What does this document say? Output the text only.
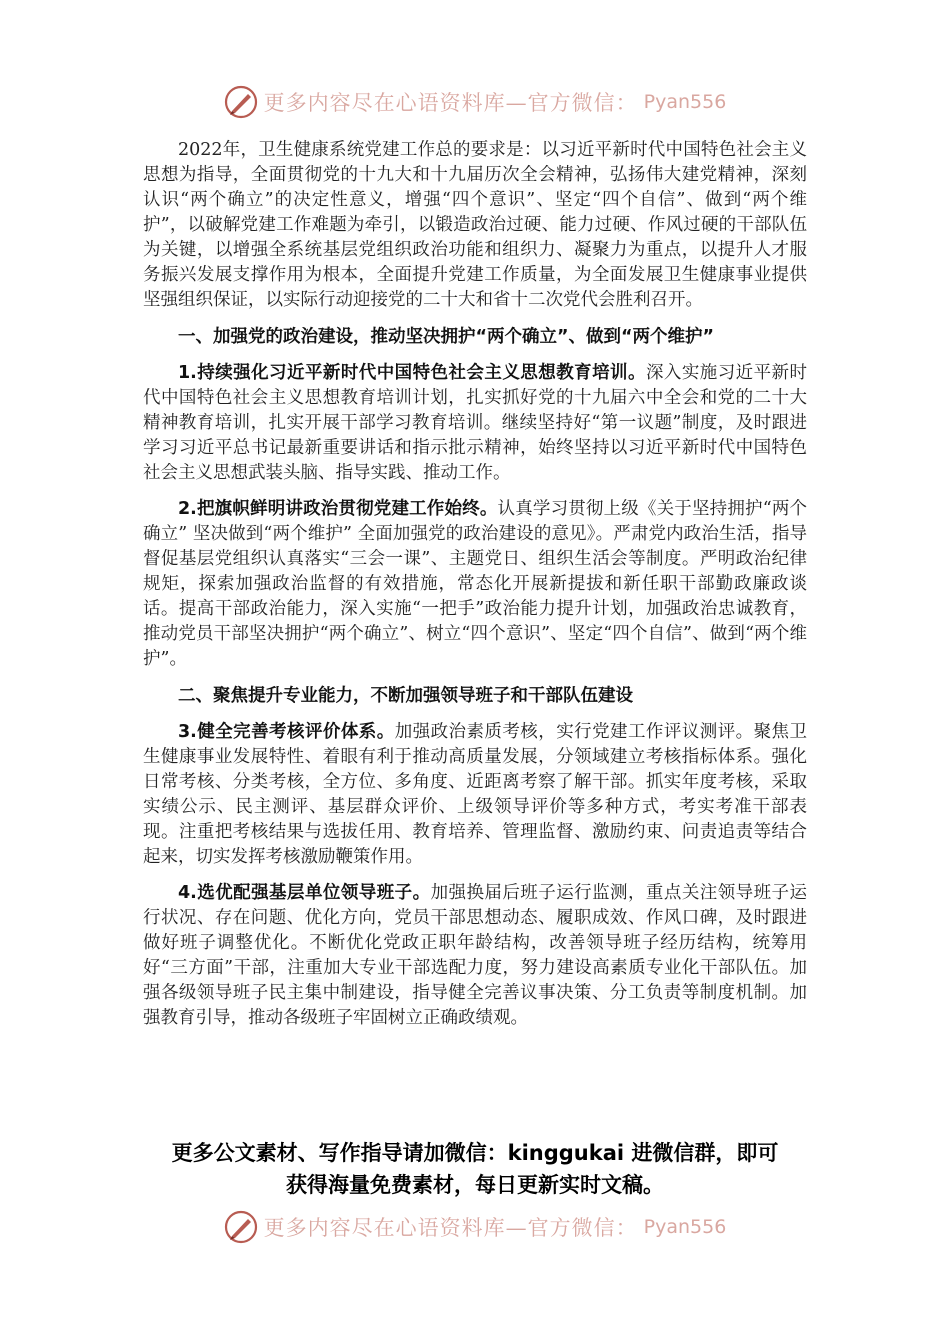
更多内容尽在心语资料库—官方微信： Pyan556

2022年，卫生健康系统党建工作总的要求是：以习近平新时代中国特色社会主义思想为指导，全面贯彻党的十九大和十九届历次全会精神，弘扬伟大建党精神，深刻认识“两个确立”的决定性意义，增强“四个意识”、坚定“四个自信”、做到“两个维护”，以破解党建工作难题为牵引，以锻造政治过硬、能力过硬、作风过硬的干部队伍为关键，以增强全系统基层党组织政治功能和组织力、凝聚力为重点，以提升人才服务振兴发展支撑作用为根本，全面提升党建工作质量，为全面发展卫生健康事业提供坚强组织保证，以实际行动迎接党的二十大和省十二次党代会胜利召开。

一、加强党的政治建设，推动坚决拥护“两个确立”、做到“两个维护”

1.持续强化习近平新时代中国特色社会主义思想教育培训。深入实施习近平新时代中国特色社会主义思想教育培训计划，扎实抓好党的十九届六中全会和党的二十大精神教育培训，扎实开展干部学习教育培训。继续坚持好“第一议题”制度，及时跟进学习习近平总书记最新重要讲话和指示批示精神，始终坚持以习近平新时代中国特色社会主义思想武装头脑、指导实践、推动工作。

2.把旗帜鲜明讲政治贯彻党建工作始终。认真学习贯彻上级《关于坚持拥护“两个确立” 坚决做到“两个维护” 全面加强党的政治建设的意见》。严肃党内政治生活，指导督促基层党组织认真落实“三会一课”、主题党日、组织生活会等制度。严明政治纪律规矩，探索加强政治监督的有效措施，常态化开展新提拔和新任职干部勤政廉政谈话。提高干部政治能力，深入实施“一把手”政治能力提升计划，加强政治忠诚教育，推动党员干部坚决拥护“两个确立”、树立“四个意识”、坚定“四个自信”、做到“两个维护”。

二、聚焦提升专业能力，不断加强领导班子和干部队伍建设

3.健全完善考核评价体系。加强政治素质考核，实行党建工作评议测评。聚焦卫生健康事业发展特性、着眼有利于推动高质量发展，分领域建立考核指标体系。强化日常考核、分类考核，全方位、多角度、近距离考察了解干部。抓实年度考核，采取实绩公示、民主测评、基层群众评价、上级领导评价等多种方式，考实考准干部表现。注重把考核结果与选拔任用、教育培养、管理监督、激励约束、问责追责等结合起来，切实发挥考核激励鞭策作用。

4.选优配强基层单位领导班子。加强换届后班子运行监测，重点关注领导班子运行状况、存在问题、优化方向，党员干部思想动态、履职成效、作风口碑，及时跟进做好班子调整优化。不断优化党政正职年龄结构，改善领导班子经历结构，统筹用好“三方面”干部，注重加大专业干部选配力度，努力建设高素质专业化干部队伍。加强各级领导班子民主集中制建设，指导健全完善议事决策、分工负责等制度机制。加强教育引导，推动各级班子牢固树立正确政绩观。

更多公文素材、写作指导请加微信：kinggukai 进微信群，即可
获得海量免费素材，每日更新实时文稿。
更多内容尽在心语资料库—官方微信： Pyan556
